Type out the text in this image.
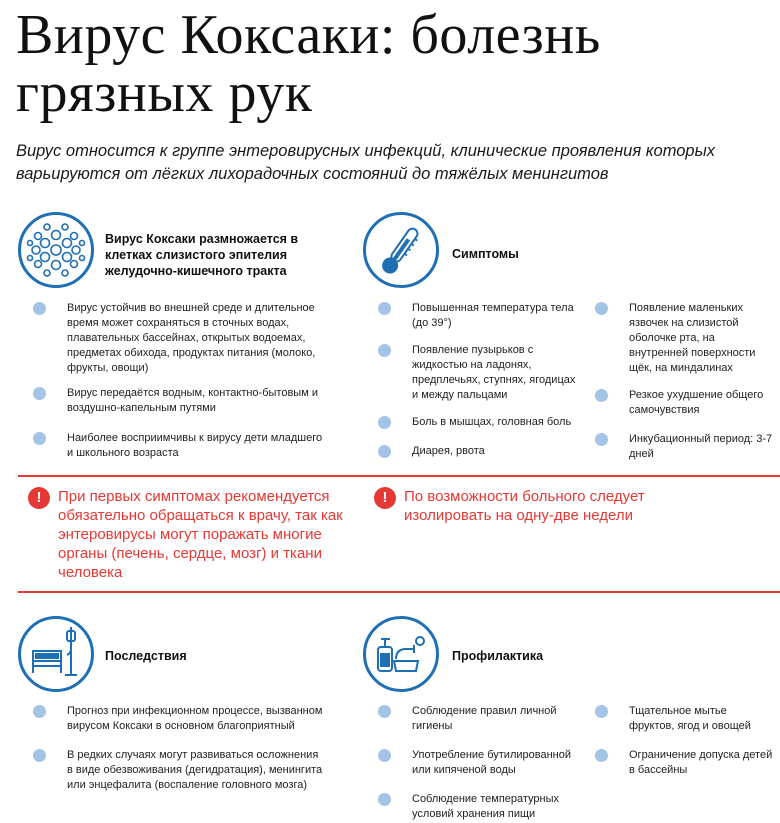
Вирус Коксаки: болезнь грязных рук

Вирус относится к группе энтеровирусных инфекций, клинические проявления которых варьируются от лёгких лихорадочных состояний до тяжёлых менингитов

Вирус Коксаки размножается в клетках слизистого эпителия желудочно-кишечного тракта
Вирус устойчив во внешней среде и длительное время может сохраняться в сточных водах, плавательных бассейнах, открытых водоемах, предметах обихода, продуктах питания (молоко, фрукты, овощи)
Вирус передаётся водным, контактно-бытовым и воздушно-капельным путями
Наиболее восприимчивы к вирусу дети младшего и школьного возраста
Симптомы
Повышенная температура тела (до 39°)
Появление пузырьков с жидкостью на ладонях, предплечьях, ступнях, ягодицах и между пальцами
Боль в мышцах, головная боль
Диарея, рвота
Появление маленьких язвочек на слизистой оболочке рта, на внутренней поверхности щёк, на миндалинах
Резкое ухудшение общего самочувствия
Инкубационный период: 3-7 дней
!	При первых симптомах рекомендуется обязательно обращаться к врачу, так как энтеровирусы могут поражать многие органы (печень, сердце, мозг) и ткани человека
!	По возможности больного следует изолировать на одну-две недели
Последствия
Прогноз при инфекционном процессе, вызванном вирусом Коксаки в основном благоприятный
В редких случаях могут развиваться осложнения в виде обезвоживания (дегидратация), менингита или энцефалита (воспаление головного мозга)
Профилактика
Соблюдение правил личной гигиены
Употребление бутилированной или кипяченой воды
Соблюдение температурных условий хранения пищи
Тщательное мытье фруктов, ягод и овощей
Ограничение допуска детей в бассейны
